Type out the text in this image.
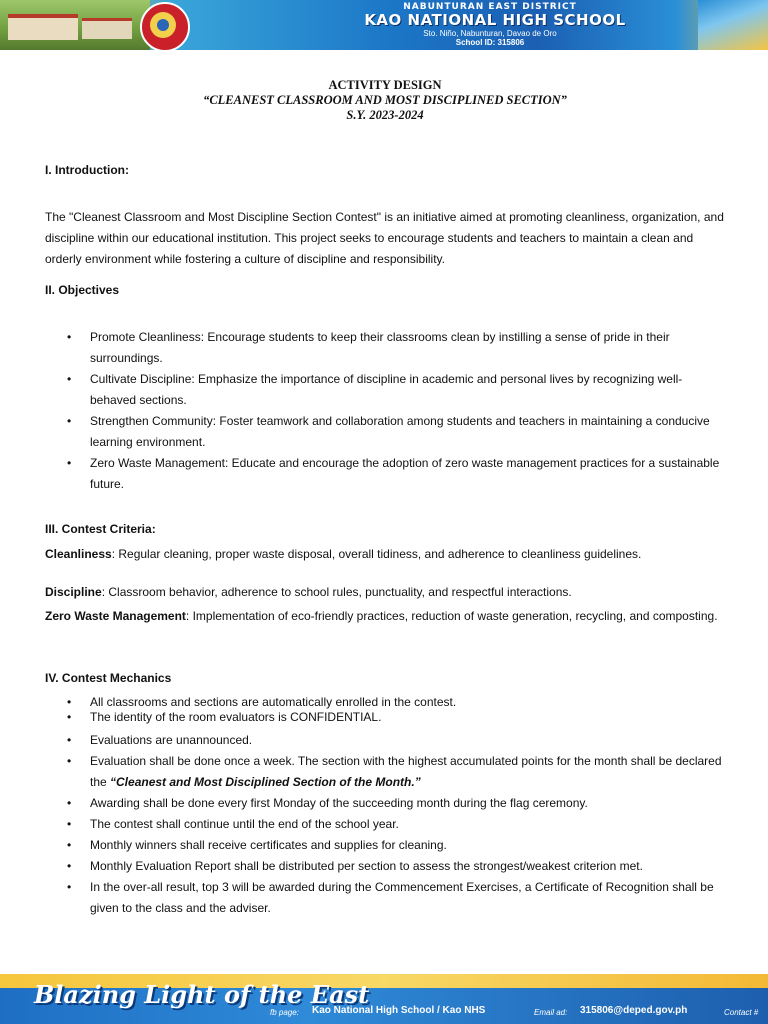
NABUNTURAN EAST DISTRICT
KAO NATIONAL HIGH SCHOOL
Sto. Niño, Nabunturan, Davao de Oro
School ID: 315806
ACTIVITY DESIGN
“CLEANEST CLASSROOM AND MOST DISCIPLINED SECTION”
S.Y. 2023-2024
I. Introduction:
The "Cleanest Classroom and Most Discipline Section Contest" is an initiative aimed at promoting cleanliness, organization, and discipline within our educational institution. This project seeks to encourage students and teachers to maintain a clean and orderly environment while fostering a culture of discipline and responsibility.
II. Objectives
• Promote Cleanliness: Encourage students to keep their classrooms clean by instilling a sense of pride in their surroundings.
• Cultivate Discipline: Emphasize the importance of discipline in academic and personal lives by recognizing well-behaved sections.
• Strengthen Community: Foster teamwork and collaboration among students and teachers in maintaining a conducive learning environment.
• Zero Waste Management: Educate and encourage the adoption of zero waste management practices for a sustainable future.
III. Contest Criteria:
Cleanliness: Regular cleaning, proper waste disposal, overall tidiness, and adherence to cleanliness guidelines.
Discipline: Classroom behavior, adherence to school rules, punctuality, and respectful interactions.
Zero Waste Management: Implementation of eco-friendly practices, reduction of waste generation, recycling, and composting.
IV. Contest Mechanics
• All classrooms and sections are automatically enrolled in the contest.
• The identity of the room evaluators is CONFIDENTIAL.
• Evaluations are unannounced.
• Evaluation shall be done once a week. The section with the highest accumulated points for the month shall be declared the “Cleanest and Most Disciplined Section of the Month.”
• Awarding shall be done every first Monday of the succeeding month during the flag ceremony.
• The contest shall continue until the end of the school year.
• Monthly winners shall receive certificates and supplies for cleaning.
• Monthly Evaluation Report shall be distributed per section to assess the strongest/weakest criterion met.
• In the over-all result, top 3 will be awarded during the Commencement Exercises, a Certificate of Recognition shall be given to the class and the adviser.
Blazing Light of the East
fb page: Kao National High School / Kao NHS	Email ad: 315806@deped.gov.ph	Contact #
